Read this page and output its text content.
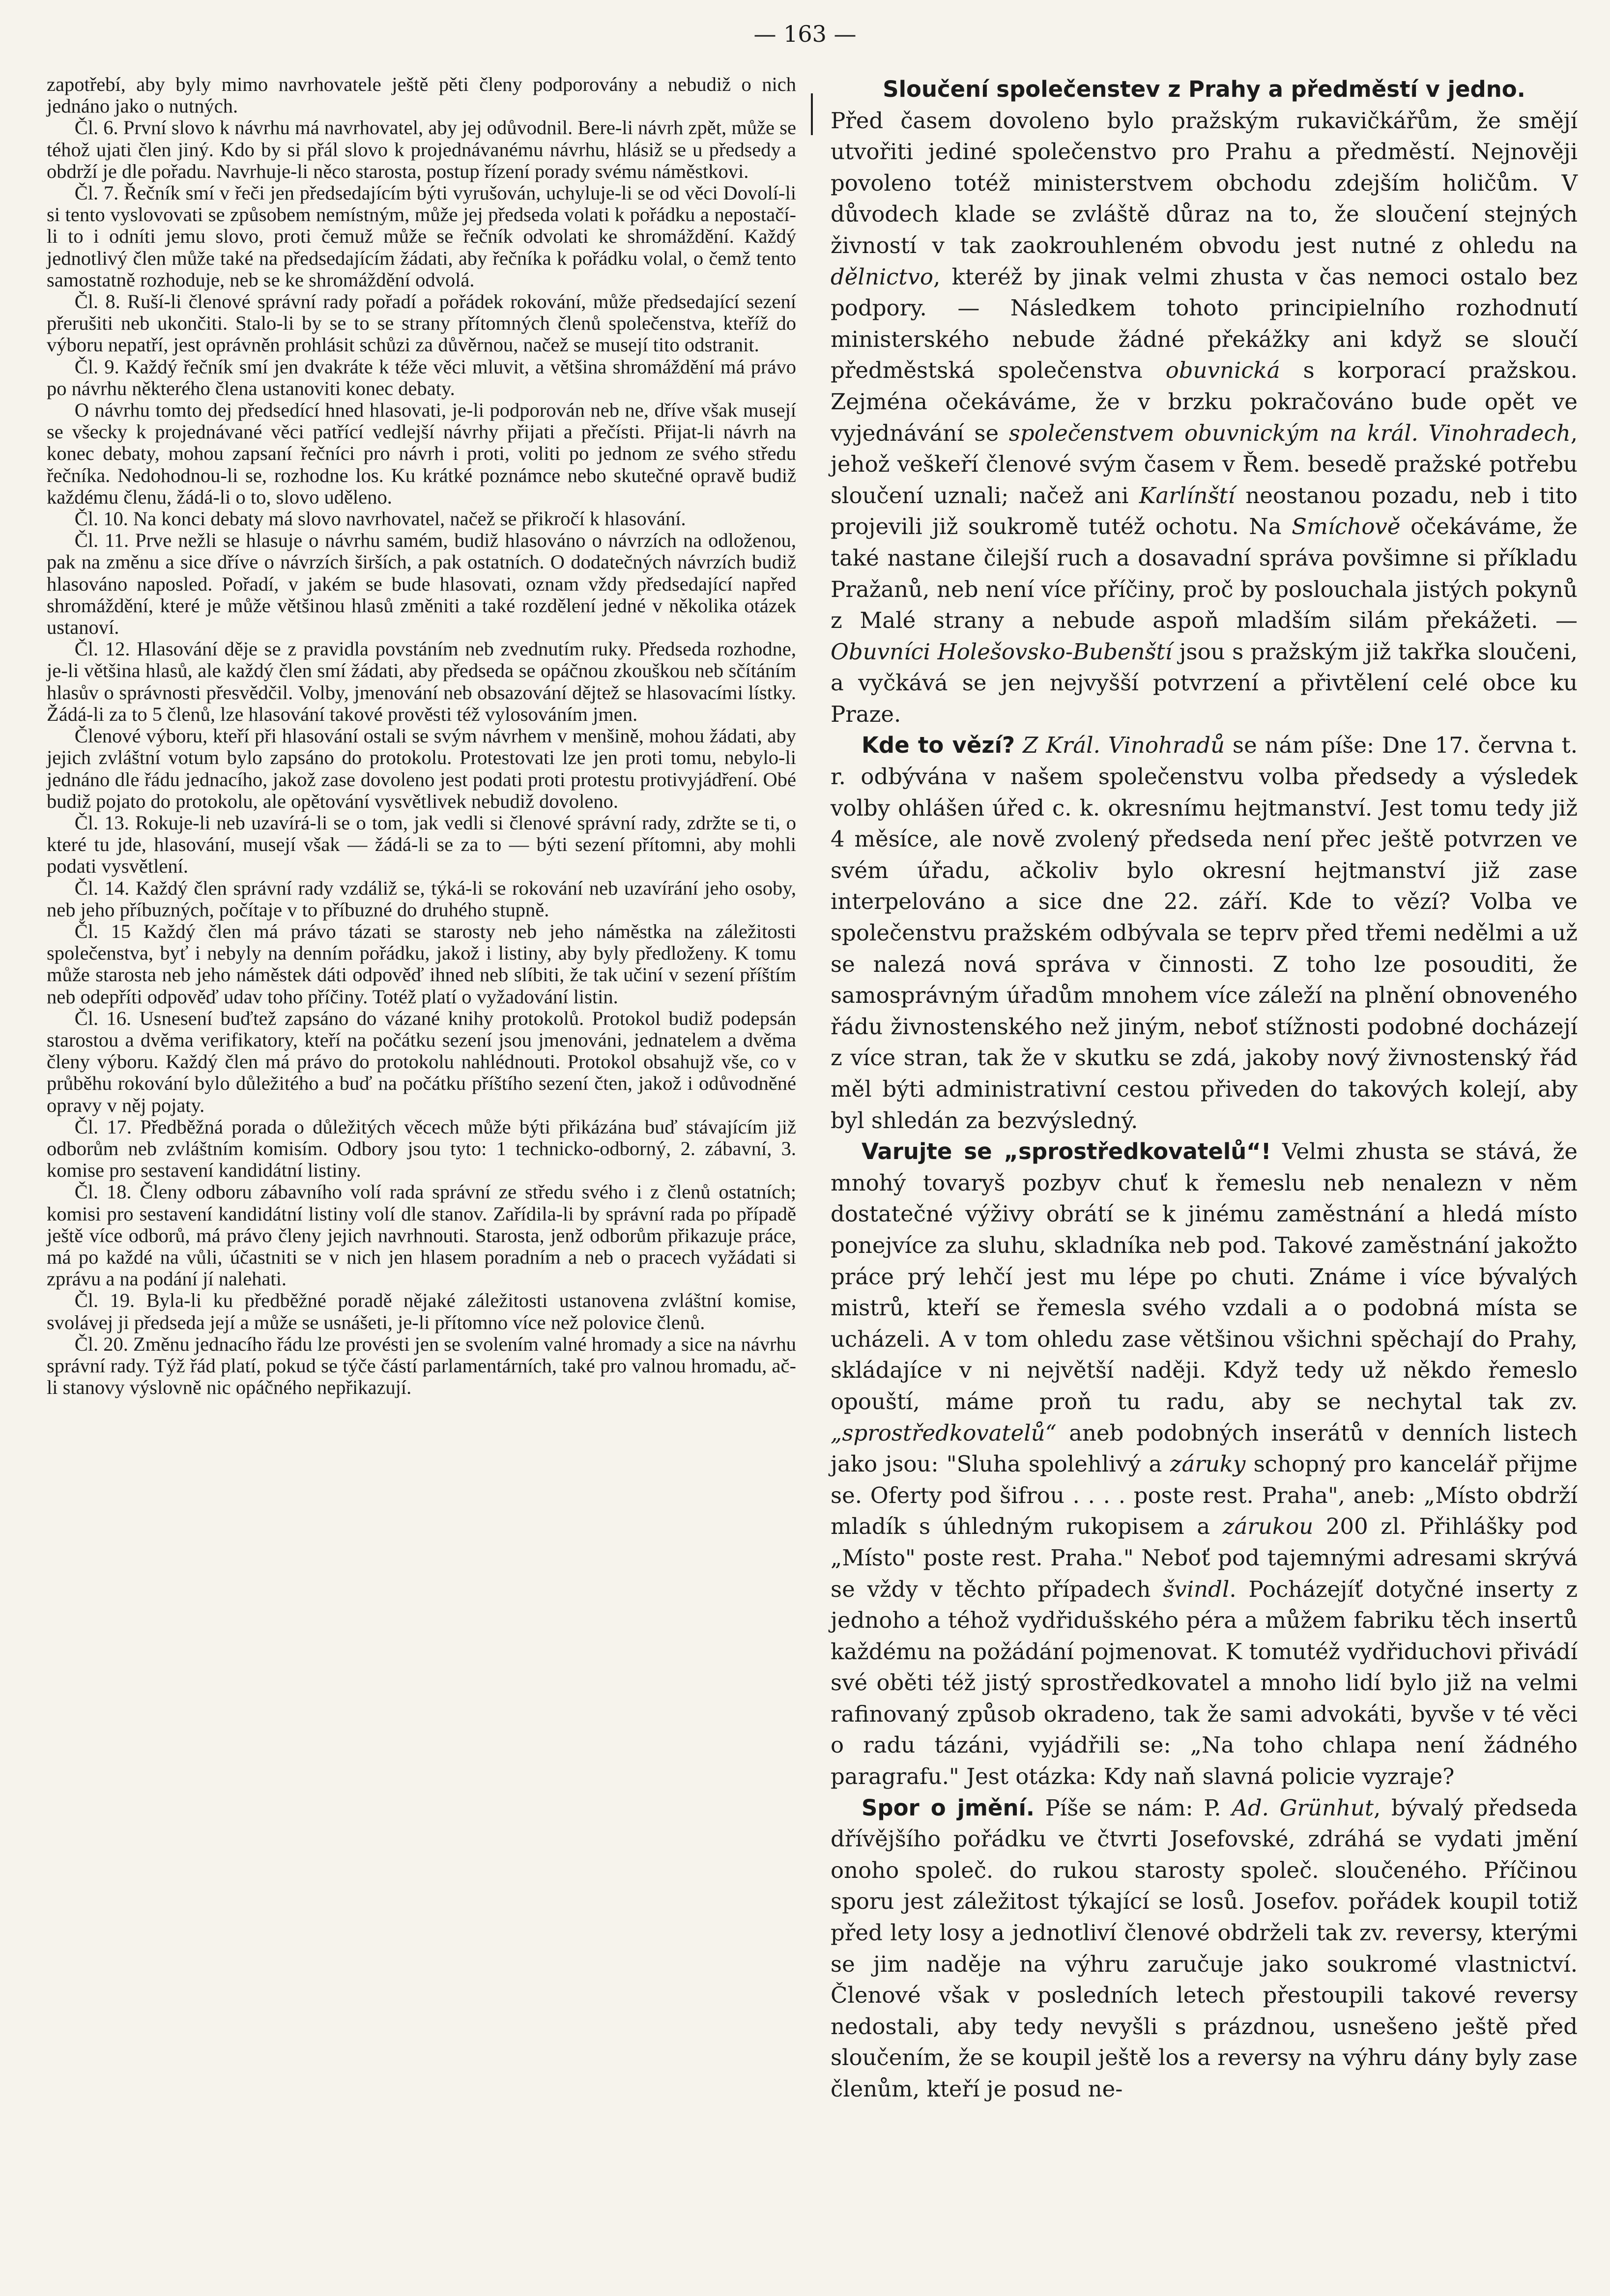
— 163 —

zapotřebí, aby byly mimo navrhovatele ještě pěti členy podporovány a nebudiž o nich jednáno jako o nutných.

Čl. 6. První slovo k návrhu má navrhovatel, aby jej odůvodnil. Bere-li návrh zpět, může se téhož ujati člen jiný. Kdo by si přál slovo k projednávanému návrhu, hlásiž se u předsedy a obdrží je dle pořadu. Navrhuje-li něco starosta, postup řízení porady svému náměstkovi.

Čl. 7. Řečník smí v řeči jen předsedajícím býti vyrušován, uchyluje-li se od věci Dovolí-li si tento vyslovovati se způsobem nemístným, může jej předseda volati k pořádku a nepostačí-li to i odníti jemu slovo, proti čemuž může se řečník odvolati ke shromáždění. Každý jednotlivý člen může také na předsedajícím žádati, aby řečníka k pořádku volal, o čemž tento samostatně rozhoduje, neb se ke shromáždění odvolá.

Čl. 8. Ruší-li členové správní rady pořadí a pořádek rokování, může předsedající sezení přerušiti neb ukončiti. Stalo-li by se to se strany přítomných členů společenstva, kteříž do výboru nepatří, jest oprávněn prohlásit schůzi za důvěrnou, načež se musejí tito odstranit.

Čl. 9. Každý řečník smí jen dvakráte k téže věci mluvit, a většina shromáždění má právo po návrhu některého člena ustanoviti konec debaty.

O návrhu tomto dej předsedící hned hlasovati, je-li podporován neb ne, dříve však musejí se všecky k projednávané věci patřící vedlejší návrhy přijati a přečísti. Přijat-li návrh na konec debaty, mohou zapsaní řečníci pro návrh i proti, voliti po jednom ze svého středu řečníka. Nedohodnou-li se, rozhodne los. Ku krátké poznámce nebo skutečné opravě budiž každému členu, žádá-li o to, slovo uděleno.

Čl. 10. Na konci debaty má slovo navrhovatel, načež se přikročí k hlasování.

Čl. 11. Prve nežli se hlasuje o návrhu samém, budiž hlasováno o návrzích na odloženou, pak na změnu a sice dříve o návrzích širších, a pak ostatních. O dodatečných návrzích budiž hlasováno naposled. Pořadí, v jakém se bude hlasovati, oznam vždy předsedající napřed shromáždění, které je může většinou hlasů změniti a také rozdělení jedné v několika otázek ustanoví.

Čl. 12. Hlasování děje se z pravidla povstáním neb zvednutím ruky. Předseda rozhodne, je-li většina hlasů, ale každý člen smí žádati, aby předseda se opáčnou zkouškou neb sčítáním hlasův o správnosti přesvědčil. Volby, jmenování neb obsazování dějtež se hlasovacími lístky. Žádá-li za to 5 členů, lze hlasování takové prověsti též vylosováním jmen.

Členové výboru, kteří při hlasování ostali se svým návrhem v menšině, mohou žádati, aby jejich zvláštní votum bylo zapsáno do protokolu. Protestovati lze jen proti tomu, nebylo-li jednáno dle řádu jednacího, jakož zase dovoleno jest podati proti protestu protivyjádření. Obé budiž pojato do protokolu, ale opětování vysvětlivek nebudiž dovoleno.

Čl. 13. Rokuje-li neb uzavírá-li se o tom, jak vedli si členové správní rady, zdržte se ti, o které tu jde, hlasování, musejí však — žádá-li se za to — býti sezení přítomni, aby mohli podati vysvětlení.

Čl. 14. Každý člen správní rady vzdáliž se, týká-li se rokování neb uzavírání jeho osoby, neb jeho příbuzných, počítaje v to příbuzné do druhého stupně.

Čl. 15 Každý člen má právo tázati se starosty neb jeho náměstka na záležitosti společenstva, byť i nebyly na denním pořádku, jakož i listiny, aby byly předloženy. K tomu může starosta neb jeho náměstek dáti odpověď ihned neb slíbiti, že tak učiní v sezení příštím neb odepříti odpověď udav toho příčiny. Totéž platí o vyžadování listin.

Čl. 16. Usnesení buďtež zapsáno do vázané knihy protokolů. Protokol budiž podepsán starostou a dvěma verifikatory, kteří na počátku sezení jsou jmenováni, jednatelem a dvěma členy výboru. Každý člen má právo do protokolu nahlédnouti. Protokol obsahujž vše, co v průběhu rokování bylo důležitého a buď na počátku příštího sezení čten, jakož i odůvodněné opravy v něj pojaty.

Čl. 17. Předběžná porada o důležitých věcech může býti přikázána buď stávajícím již odborům neb zvláštním komisím. Odbory jsou tyto: 1 technicko-odborný, 2. zábavní, 3. komise pro sestavení kandidátní listiny.

Čl. 18. Členy odboru zábavního volí rada správní ze středu svého i z členů ostatních; komisi pro sestavení kandidátní listiny volí dle stanov. Zařídila-li by správní rada po případě ještě více odborů, má právo členy jejich navrhnouti. Starosta, jenž odborům přikazuje práce, má po každé na vůli, účastniti se v nich jen hlasem poradním a neb o pracech vyžádati si zprávu a na podání jí nalehati.

Čl. 19. Byla-li ku předběžné poradě nějaké záležitosti ustanovena zvláštní komise, svolávej ji předseda její a může se usnášeti, je-li přítomno více než polovice členů.

Čl. 20. Změnu jednacího řádu lze provésti jen se svolením valné hromady a sice na návrhu správní rady. Týž řád platí, pokud se týče částí parlamentárních, také pro valnou hromadu, ač-li stanovy výslovně nic opáčného nepřikazují.

Sloučení společenstev z Prahy a předměstí v jedno.

Před časem dovoleno bylo pražským rukavičkářům, že smějí utvořiti jediné společenstvo pro Prahu a předměstí. Nejnověji povoleno totéž ministerstvem obchodu zdejším holičům. V důvodech klade se zvláště důraz na to, že sloučení stejných živností v tak zaokrouhleném obvodu jest nutné z ohledu na dělnictvo, kteréž by jinak velmi zhusta v čas nemoci ostalo bez podpory. — Následkem tohoto principielního rozhodnutí ministerského nebude žádné překážky ani když se sloučí předměstská společenstva obuvnická s korporací pražskou. Zejména očekáváme, že v brzku pokračováno bude opět ve vyjednávání se společenstvem obuvnickým na král. Vinohradech, jehož veškeří členové svým časem v Řem. besedě pražské potřebu sloučení uznali; načež ani Karlínští neostanou pozadu, neb i tito projevili již soukromě tutéž ochotu. Na Smíchově očekáváme, že také nastane čilejší ruch a dosavadní správa povšimne si příkladu Pražanů, neb není více příčiny, proč by poslouchala jistých pokynů z Malé strany a nebude aspoň mladším silám překážeti. — Obuvníci Holešovsko-Bubenští jsou s pražským již takřka sloučeni, a vyčkává se jen nejvyšší potvrzení a přivtělení celé obce ku Praze.

Kde to vězí? Z Král. Vinohradů se nám píše: Dne 17. června t. r. odbývána v našem společenstvu volba předsedy a výsledek volby ohlášen úřed c. k. okresnímu hejtmanství. Jest tomu tedy již 4 měsíce, ale nově zvolený předseda není přec ještě potvrzen ve svém úřadu, ačkoliv bylo okresní hejtmanství již zase interpelováno a sice dne 22. září. Kde to vězí? Volba ve společenstvu pražském odbývala se teprv před třemi nedělmi a už se nalezá nová správa v činnosti. Z toho lze posouditi, že samosprávným úřadům mnohem více záleží na plnění obnoveného řádu živnostenského než jiným, neboť stížnosti podobné docházejí z více stran, tak že v skutku se zdá, jakoby nový živnostenský řád měl býti administrativní cestou přiveden do takových kolejí, aby byl shledán za bezvýsledný.

Varujte se „sprostředkovatelů“! Velmi zhusta se stává, že mnohý tovaryš pozbyv chuť k řemeslu neb nenalezn v něm dostatečné výživy obrátí se k jinému zaměstnání a hledá místo ponejvíce za sluhu, skladníka neb pod. Takové zaměstnání jakožto práce prý lehčí jest mu lépe po chuti. Známe i více bývalých mistrů, kteří se řemesla svého vzdali a o podobná místa se ucházeli. A v tom ohledu zase většinou všichni spěchají do Prahy, skládajíce v ni největší naději. Když tedy už někdo řemeslo opouští, máme proň tu radu, aby se nechytal tak zv. „sprostředkovatelů“ aneb podobných inserátů v denních listech jako jsou: "Sluha spolehlivý a záruky schopný pro kancelář přijme se. Oferty pod šifrou . . . . poste rest. Praha", aneb: „Místo obdrží mladík s úhledným rukopisem a zárukou 200 zl. Přihlášky pod „Místo" poste rest. Praha." Neboť pod tajemnými adresami skrývá se vždy v těchto případech švindl. Pocházejíť dotyčné inserty z jednoho a téhož vydřidušského péra a můžem fabriku těch insertů každému na požádání pojmenovat. K tomutéž vydřiduchovi přivádí své oběti též jistý sprostředkovatel a mnoho lidí bylo již na velmi rafinovaný způsob okradeno, tak že sami advokáti, byvše v té věci o radu tázáni, vyjádřili se: „Na toho chlapa není žádného paragrafu." Jest otázka: Kdy naň slavná policie vyzraje?

Spor o jmění. Píše se nám: P. Ad. Grünhut, bývalý předseda dřívějšího pořádku ve čtvrti Josefovské, zdráhá se vydati jmění onoho společ. do rukou starosty společ. sloučeného. Příčinou sporu jest záležitost týkající se losů. Josefov. pořádek koupil totiž před lety losy a jednotliví členové obdrželi tak zv. reversy, kterými se jim naděje na výhru zaručuje jako soukromé vlastnictví. Členové však v posledních letech přestoupili takové reversy nedostali, aby tedy nevyšli s prázdnou, usnešeno ještě před sloučením, že se koupil ještě los a reversy na výhru dány byly zase členům, kteří je posud ne-
